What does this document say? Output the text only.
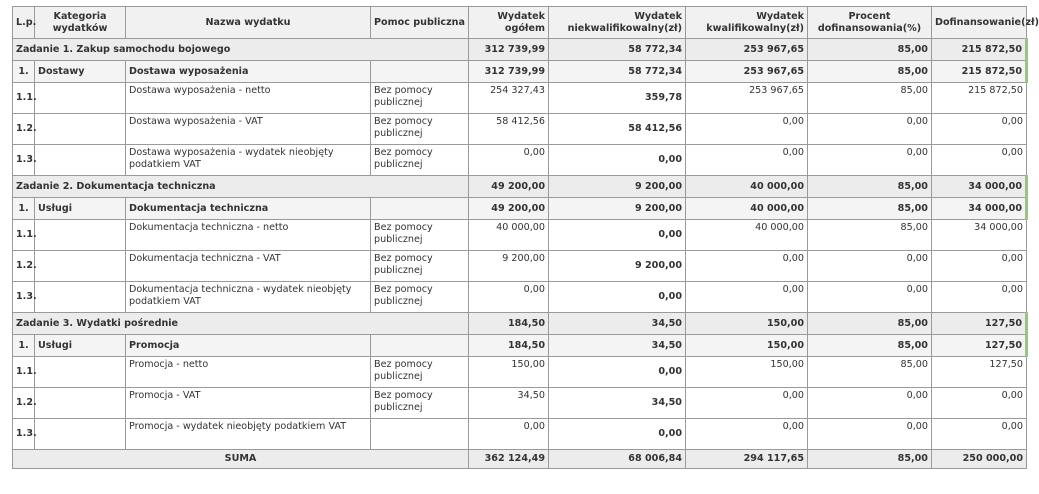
L.p.	Kategoria wydatków	Nazwa wydatku	Pomoc publiczna	Wydatek ogółem	Wydatek niekwalifikowalny(zł)	Wydatek kwalifikowalny(zł)	Procent dofinansowania(%)	Dofinansowanie(zł)
Zadanie 1. Zakup samochodu bojowego				312 739,99	58 772,34	253 967,65	85,00	215 872,50
1.	Dostawy	Dostawa wyposażenia		312 739,99	58 772,34	253 967,65	85,00	215 872,50
1.1.		Dostawa wyposażenia - netto	Bez pomocy publicznej	254 327,43	359,78	253 967,65	85,00	215 872,50
1.2.		Dostawa wyposażenia - VAT	Bez pomocy publicznej	58 412,56	58 412,56	0,00	0,00	0,00
1.3.		Dostawa wyposażenia - wydatek nieobjęty podatkiem VAT	Bez pomocy publicznej	0,00	0,00	0,00	0,00	0,00
Zadanie 2. Dokumentacja techniczna				49 200,00	9 200,00	40 000,00	85,00	34 000,00
1.	Usługi	Dokumentacja techniczna		49 200,00	9 200,00	40 000,00	85,00	34 000,00
1.1.		Dokumentacja techniczna - netto	Bez pomocy publicznej	40 000,00	0,00	40 000,00	85,00	34 000,00
1.2.		Dokumentacja techniczna - VAT	Bez pomocy publicznej	9 200,00	9 200,00	0,00	0,00	0,00
1.3.		Dokumentacja techniczna - wydatek nieobjęty podatkiem VAT	Bez pomocy publicznej	0,00	0,00	0,00	0,00	0,00
Zadanie 3. Wydatki pośrednie				184,50	34,50	150,00	85,00	127,50
1.	Usługi	Promocja		184,50	34,50	150,00	85,00	127,50
1.1.		Promocja - netto	Bez pomocy publicznej	150,00	0,00	150,00	85,00	127,50
1.2.		Promocja - VAT	Bez pomocy publicznej	34,50	34,50	0,00	0,00	0,00
1.3.		Promocja - wydatek nieobjęty podatkiem VAT		0,00	0,00	0,00	0,00	0,00
SUMA				362 124,49	68 006,84	294 117,65	85,00	250 000,00
